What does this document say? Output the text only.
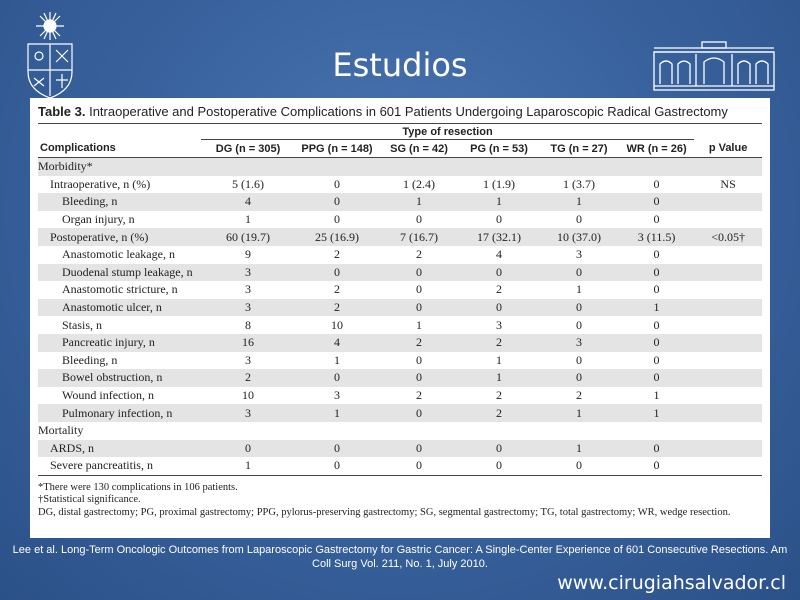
Estudios
Table 3. Intraoperative and Postoperative Complications in 601 Patients Undergoing Laparoscopic Radical Gastrectomy
	Type of resection						
Complications	DG (n = 305)	PPG (n = 148)	SG (n = 42)	PG (n = 53)	TG (n = 27)	WR (n = 26)	p Value
Morbidity*							
Intraoperative, n (%)	5 (1.6)	0	1 (2.4)	1 (1.9)	1 (3.7)	0	NS
Bleeding, n	4	0	1	1	1	0	
Organ injury, n	1	0	0	0	0	0	
Postoperative, n (%)	60 (19.7)	25 (16.9)	7 (16.7)	17 (32.1)	10 (37.0)	3 (11.5)	<0.05†
Anastomotic leakage, n	9	2	2	4	3	0	
Duodenal stump leakage, n	3	0	0	0	0	0	
Anastomotic stricture, n	3	2	0	2	1	0	
Anastomotic ulcer, n	3	2	0	0	0	1	
Stasis, n	8	10	1	3	0	0	
Pancreatic injury, n	16	4	2	2	3	0	
Bleeding, n	3	1	0	1	0	0	
Bowel obstruction, n	2	0	0	1	0	0	
Wound infection, n	10	3	2	2	2	1	
Pulmonary infection, n	3	1	0	2	1	1	
Mortality							
ARDS, n	0	0	0	0	1	0	
Severe pancreatitis, n	1	0	0	0	0	0	
*There were 130 complications in 106 patients.
†Statistical significance.
DG, distal gastrectomy; PG, proximal gastrectomy; PPG, pylorus-preserving gastrectomy; SG, segmental gastrectomy; TG, total gastrectomy; WR, wedge resection.
Lee et al. Long-Term Oncologic Outcomes from Laparoscopic Gastrectomy for Gastric Cancer: A Single-Center Experience of 601 Consecutive Resections. Am
Coll Surg Vol. 211, No. 1, July 2010.
www.cirugiahsalvador.cl
